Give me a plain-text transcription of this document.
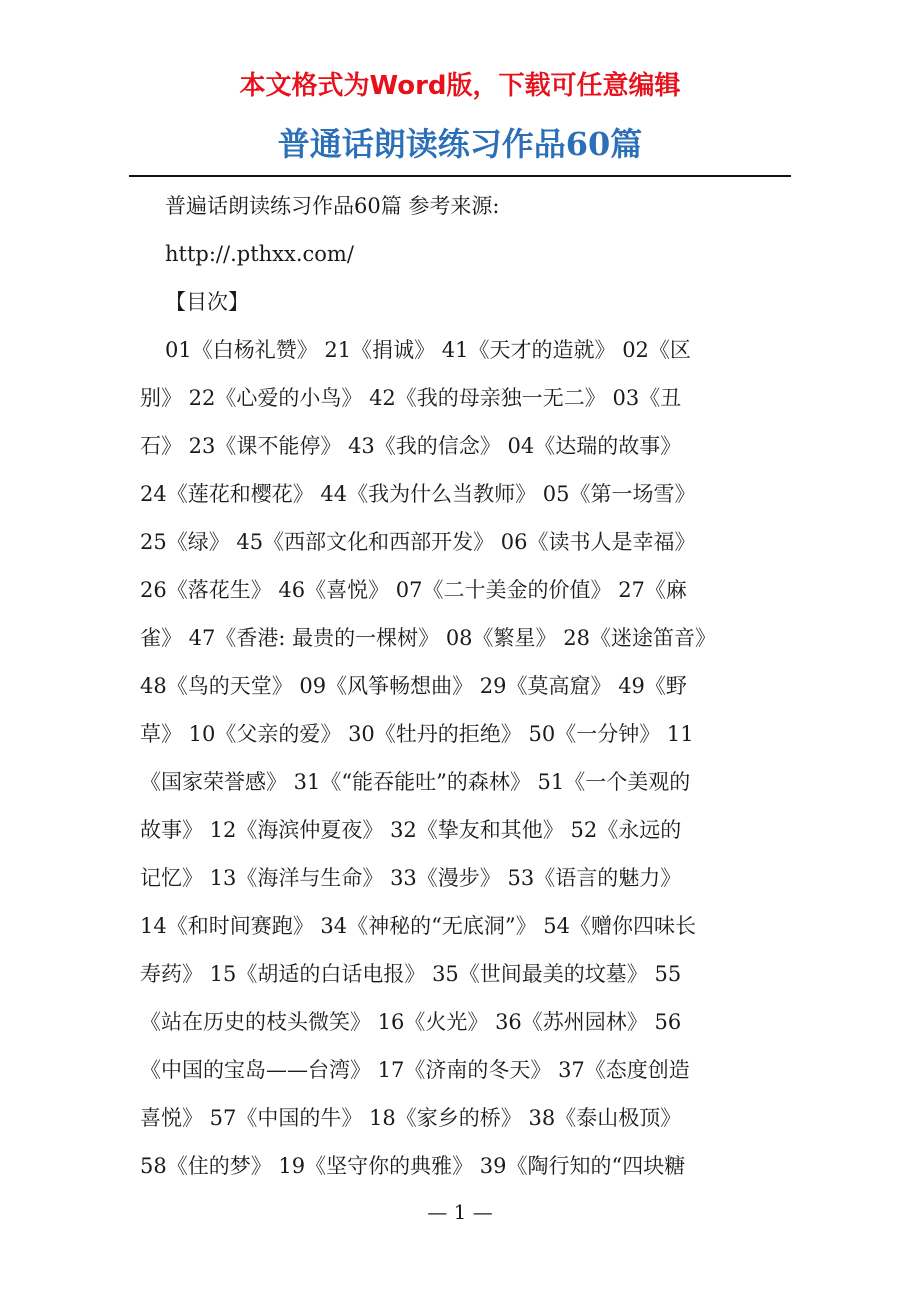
本文格式为Word版，下载可任意编辑
普通话朗读练习作品60篇
普遍话朗读练习作品60篇 参考来源:
http://.pthxx.com/
【目次】
01《白杨礼赞》 21《捐诚》 41《天才的造就》 02《区
别》 22《心爱的小鸟》 42《我的母亲独一无二》 03《丑
石》 23《课不能停》 43《我的信念》 04《达瑞的故事》
24《莲花和樱花》 44《我为什么当教师》 05《第一场雪》
25《绿》 45《西部文化和西部开发》 06《读书人是幸福》
26《落花生》 46《喜悦》 07《二十美金的价值》 27《麻
雀》 47《香港: 最贵的一棵树》 08《繁星》 28《迷途笛音》
48《鸟的天堂》 09《风筝畅想曲》 29《莫高窟》 49《野
草》 10《父亲的爱》 30《牡丹的拒绝》 50《一分钟》 11
《国家荣誉感》 31《“能吞能吐”的森林》 51《一个美观的
故事》 12《海滨仲夏夜》 32《挚友和其他》 52《永远的
记忆》 13《海洋与生命》 33《漫步》 53《语言的魅力》
14《和时间赛跑》 34《神秘的“无底洞”》 54《赠你四味长
寿药》 15《胡适的白话电报》 35《世间最美的坟墓》 55
《站在历史的枝头微笑》 16《火光》 36《苏州园林》 56
《中国的宝岛——台湾》 17《济南的冬天》 37《态度创造
喜悦》 57《中国的牛》 18《家乡的桥》 38《泰山极顶》
58《住的梦》 19《坚守你的典雅》 39《陶行知的“四块糖
— 1 —
